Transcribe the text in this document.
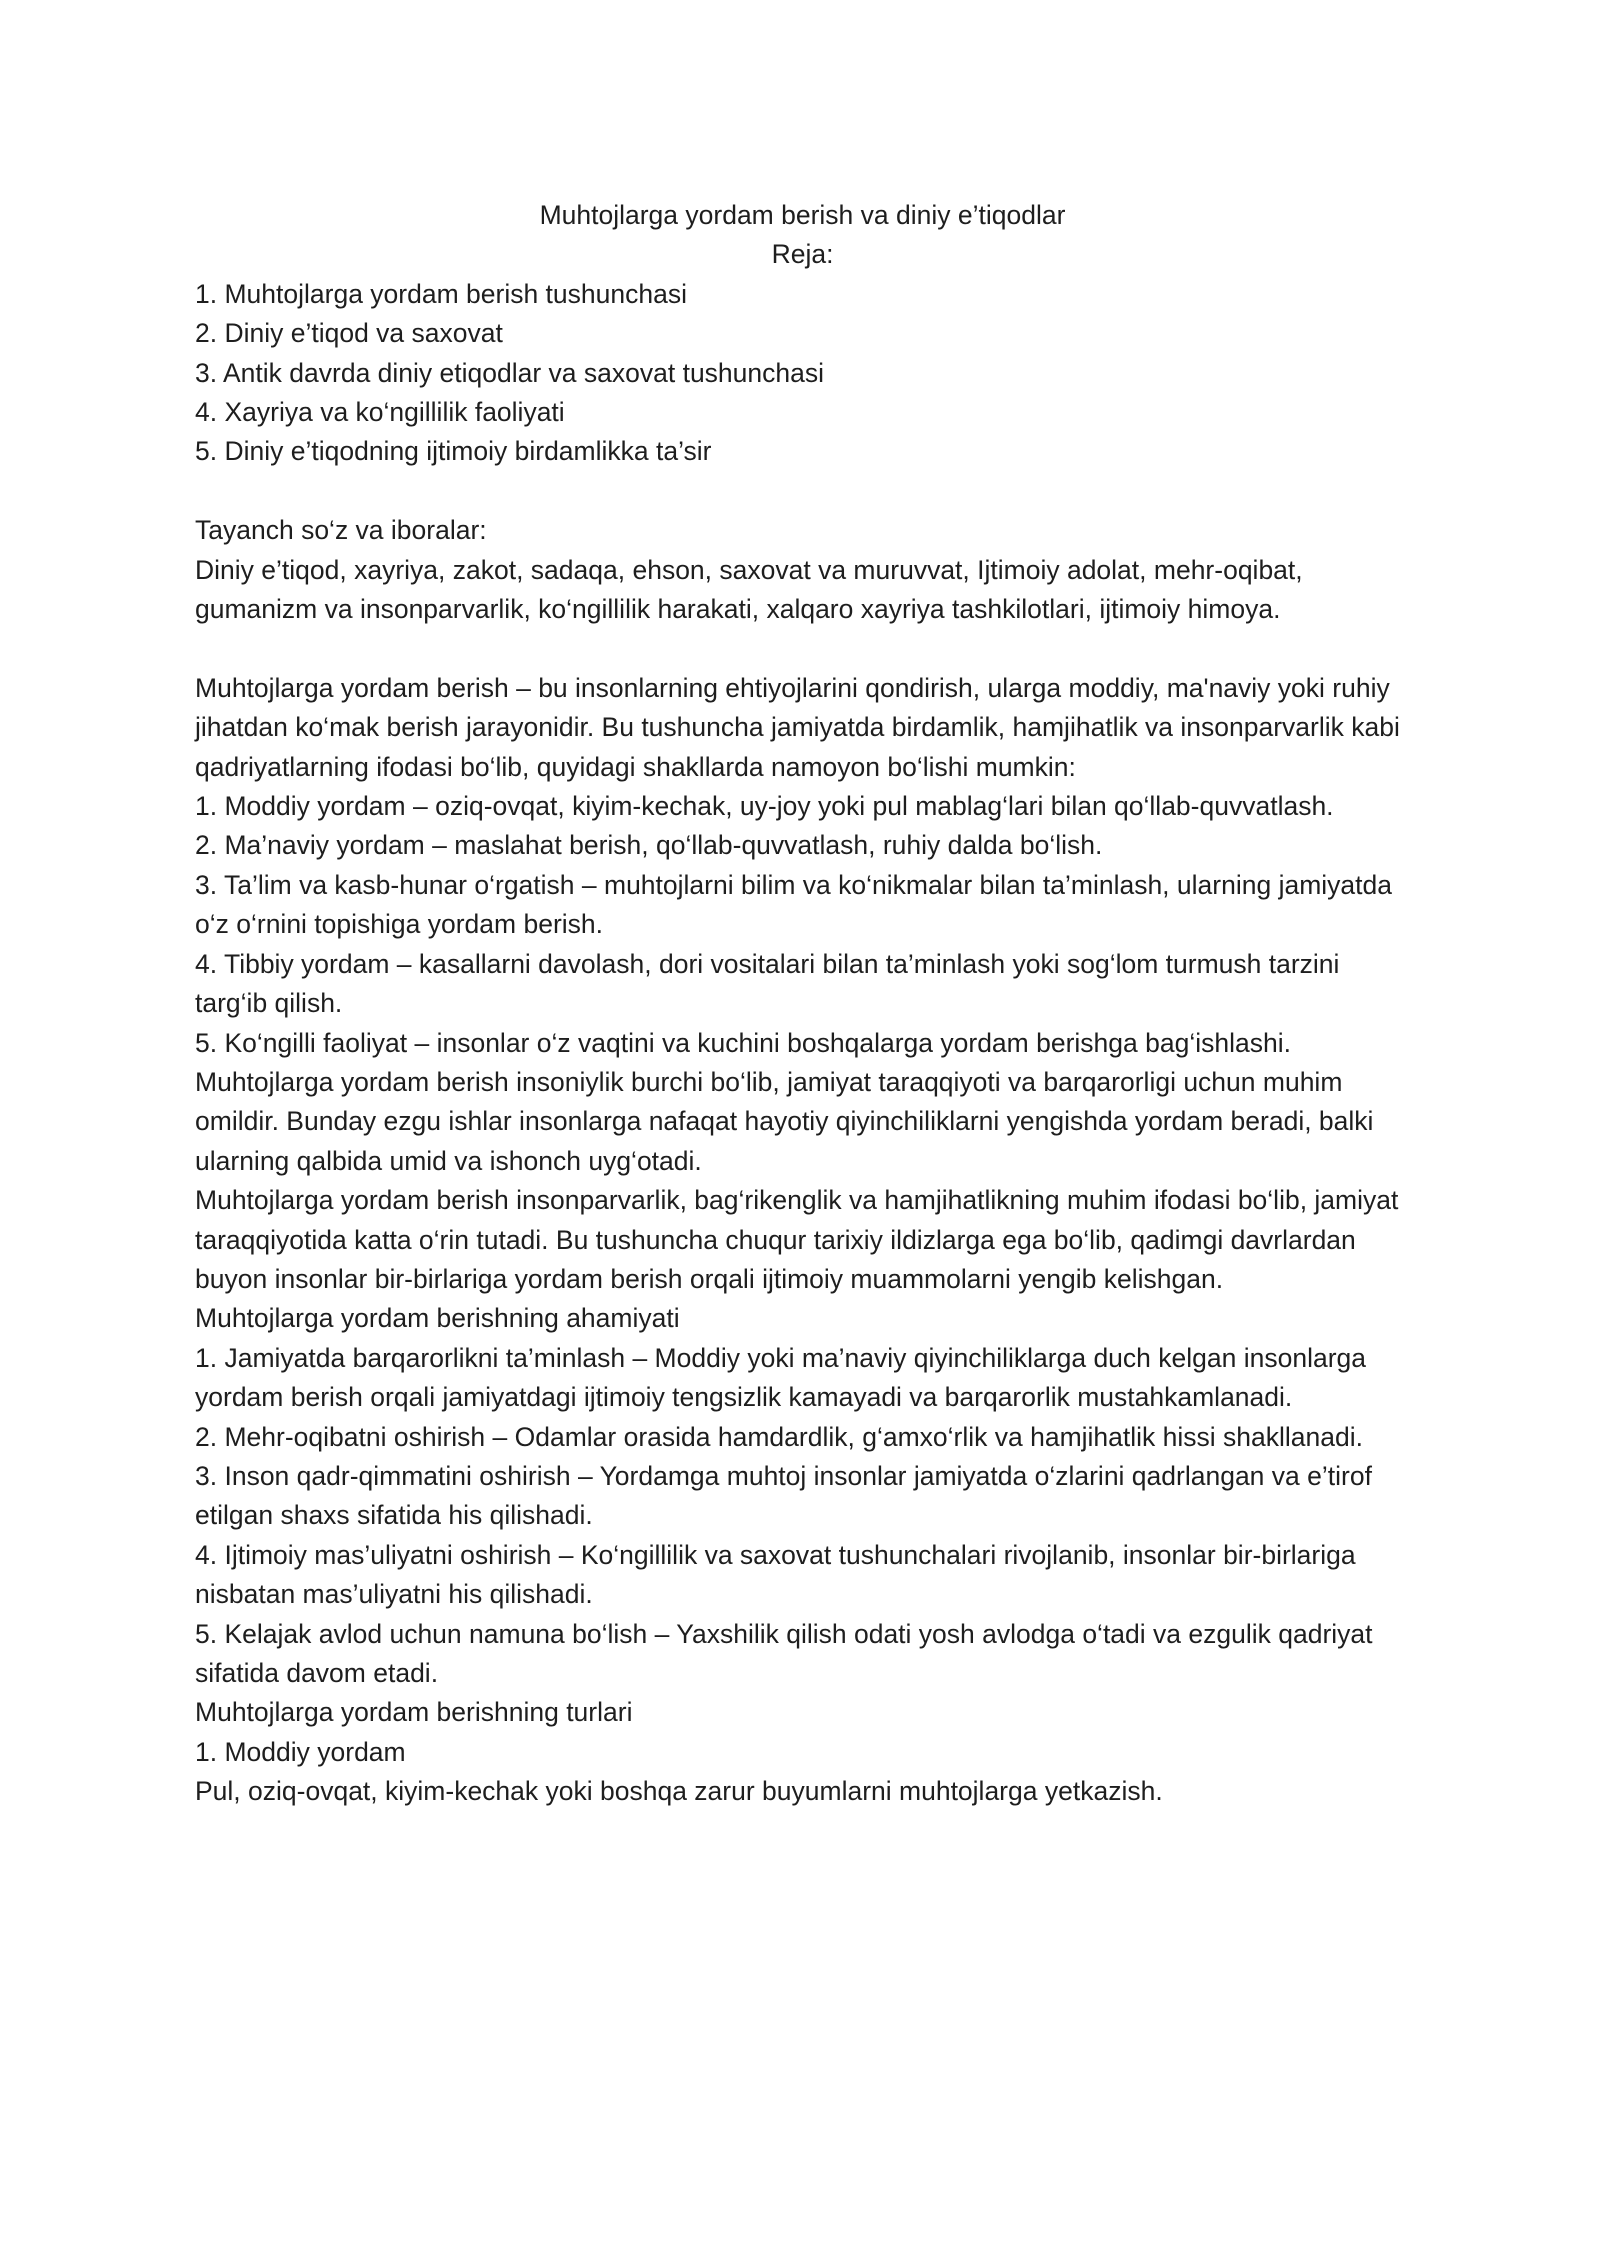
Muhtojlarga yordam berish va diniy e’tiqodlar

Reja:

1. Muhtojlarga yordam berish tushunchasi

2. Diniy e’tiqod va saxovat

3. Antik davrda diniy etiqodlar va saxovat tushunchasi

4. Xayriya va ko‘ngillilik faoliyati

5. Diniy e’tiqodning ijtimoiy birdamlikka ta’sir

Tayanch so‘z va iboralar:

Diniy e’tiqod, xayriya, zakot, sadaqa, ehson, saxovat va muruvvat, Ijtimoiy adolat, mehr-oqibat, gumanizm va insonparvarlik, ko‘ngillilik harakati, xalqaro xayriya tashkilotlari, ijtimoiy himoya.

Muhtojlarga yordam berish – bu insonlarning ehtiyojlarini qondirish, ularga moddiy, ma'naviy yoki ruhiy jihatdan ko‘mak berish jarayonidir. Bu tushuncha jamiyatda birdamlik, hamjihatlik va insonparvarlik kabi qadriyatlarning ifodasi bo‘lib, quyidagi shakllarda namoyon bo‘lishi mumkin:

1. Moddiy yordam – oziq-ovqat, kiyim-kechak, uy-joy yoki pul mablag‘lari bilan qo‘llab-quvvatlash.

2. Ma’naviy yordam – maslahat berish, qo‘llab-quvvatlash, ruhiy dalda bo‘lish.

3. Ta’lim va kasb-hunar o‘rgatish – muhtojlarni bilim va ko‘nikmalar bilan ta’minlash, ularning jamiyatda o‘z o‘rnini topishiga yordam berish.

4. Tibbiy yordam – kasallarni davolash, dori vositalari bilan ta’minlash yoki sog‘lom turmush tarzini targ‘ib qilish.

5. Ko‘ngilli faoliyat – insonlar o‘z vaqtini va kuchini boshqalarga yordam berishga bag‘ishlashi.

Muhtojlarga yordam berish insoniylik burchi bo‘lib, jamiyat taraqqiyoti va barqarorligi uchun muhim omildir. Bunday ezgu ishlar insonlarga nafaqat hayotiy qiyinchiliklarni yengishda yordam beradi, balki ularning qalbida umid va ishonch uyg‘otadi.

Muhtojlarga yordam berish insonparvarlik, bag‘rikenglik va hamjihatlikning muhim ifodasi bo‘lib, jamiyat taraqqiyotida katta o‘rin tutadi. Bu tushuncha chuqur tarixiy ildizlarga ega bo‘lib, qadimgi davrlardan buyon insonlar bir-birlariga yordam berish orqali ijtimoiy muammolarni yengib kelishgan.

Muhtojlarga yordam berishning ahamiyati

1. Jamiyatda barqarorlikni ta’minlash – Moddiy yoki ma’naviy qiyinchiliklarga duch kelgan insonlarga yordam berish orqali jamiyatdagi ijtimoiy tengsizlik kamayadi va barqarorlik mustahkamlanadi.

2. Mehr-oqibatni oshirish – Odamlar orasida hamdardlik, g‘amxo‘rlik va hamjihatlik hissi shakllanadi.

3. Inson qadr-qimmatini oshirish – Yordamga muhtoj insonlar jamiyatda o‘zlarini qadrlangan va e’tirof etilgan shaxs sifatida his qilishadi.

4. Ijtimoiy mas’uliyatni oshirish – Ko‘ngillilik va saxovat tushunchalari rivojlanib, insonlar bir-birlariga nisbatan mas’uliyatni his qilishadi.

5. Kelajak avlod uchun namuna bo‘lish – Yaxshilik qilish odati yosh avlodga o‘tadi va ezgulik qadriyat sifatida davom etadi.

Muhtojlarga yordam berishning turlari

1. Moddiy yordam

Pul, oziq-ovqat, kiyim-kechak yoki boshqa zarur buyumlarni muhtojlarga yetkazish.
